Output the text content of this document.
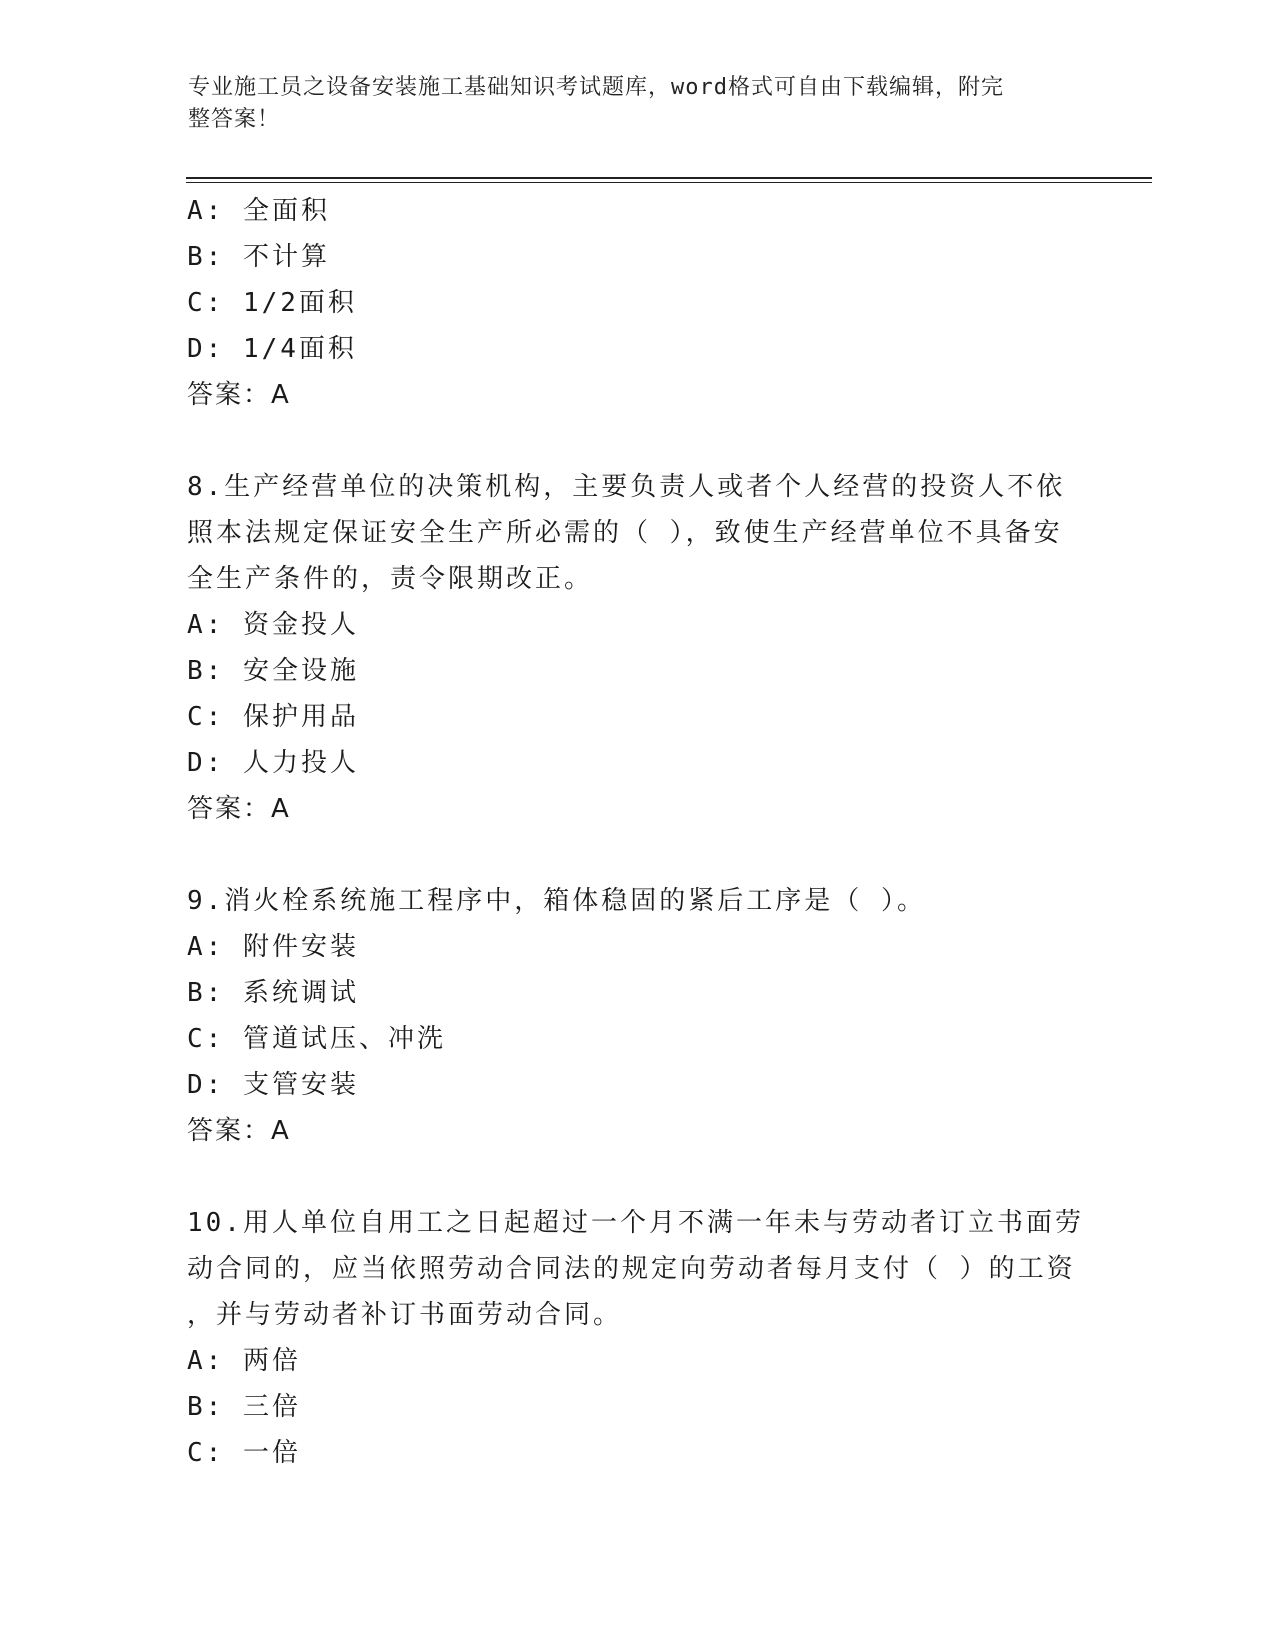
专业施工员之设备安装施工基础知识考试题库，word格式可自由下载编辑，附完
整答案！
A: 全面积
B: 不计算
C: 1/2面积
D: 1/4面积
答案：A
8.生产经营单位的决策机构，主要负责人或者个人经营的投资人不依
照本法规定保证安全生产所必需的（ ），致使生产经营单位不具备安
全生产条件的，责令限期改正。
A: 资金投人
B: 安全设施
C: 保护用品
D: 人力投人
答案：A
9.消火栓系统施工程序中，箱体稳固的紧后工序是（ ）。
A: 附件安装
B: 系统调试
C: 管道试压、冲洗
D: 支管安装
答案：A
10.用人单位自用工之日起超过一个月不满一年未与劳动者订立书面劳
动合同的，应当依照劳动合同法的规定向劳动者每月支付（ ）的工资
，并与劳动者补订书面劳动合同。
A: 两倍
B: 三倍
C: 一倍
